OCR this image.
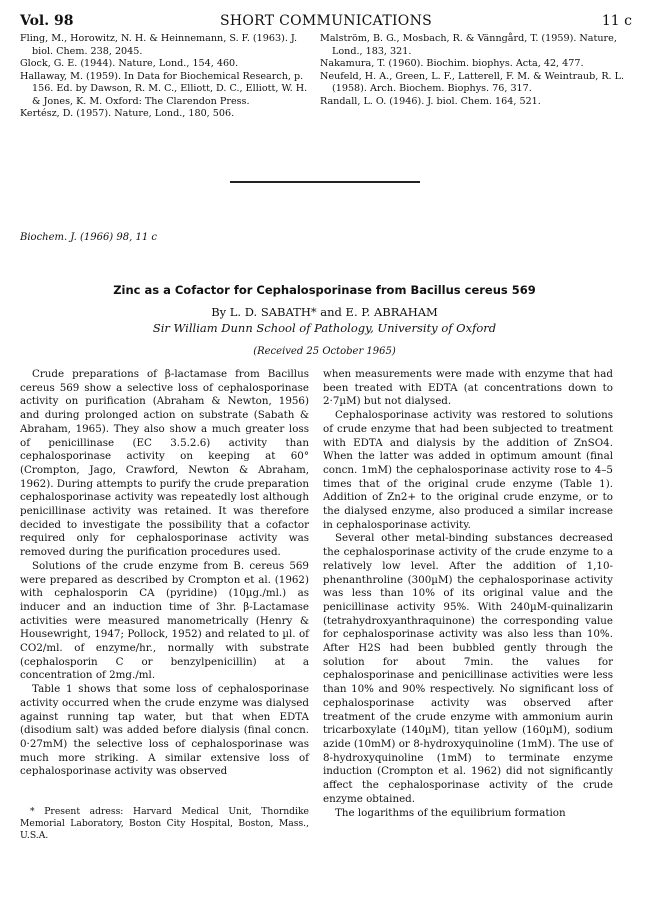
Vol. 98	SHORT COMMUNICATIONS	11 c
Fling, M., Horowitz, N. H. & Heinnemann, S. F. (1963). J. biol. Chem. 238, 2045.
Glock, G. E. (1944). Nature, Lond., 154, 460.
Hallaway, M. (1959). In Data for Biochemical Research, p. 156. Ed. by Dawson, R. M. C., Elliott, D. C., Elliott, W. H. & Jones, K. M. Oxford: The Clarendon Press.
Kertész, D. (1957). Nature, Lond., 180, 506.
Malström, B. G., Mosbach, R. & Vänngård, T. (1959). Nature, Lond., 183, 321.
Nakamura, T. (1960). Biochim. biophys. Acta, 42, 477.
Neufeld, H. A., Green, L. F., Latterell, F. M. & Weintraub, R. L. (1958). Arch. Biochem. Biophys. 76, 317.
Randall, L. O. (1946). J. biol. Chem. 164, 521.
Biochem. J. (1966) 98, 11 c
Zinc as a Cofactor for Cephalosporinase from Bacillus cereus 569
By L. D. SABATH* and E. P. ABRAHAM
Sir William Dunn School of Pathology, University of Oxford
(Received 25 October 1965)

Crude preparations of β-lactamase from Bacillus cereus 569 show a selective loss of cephalosporinase activity on purification (Abraham & Newton, 1956) and during prolonged action on substrate (Sabath & Abraham, 1965). They also show a much greater loss of penicillinase (EC 3.5.2.6) activity than cephalosporinase activity on keeping at 60° (Crompton, Jago, Crawford, Newton & Abraham, 1962). During attempts to purify the crude preparation cephalosporinase activity was repeatedly lost although penicillinase activity was retained. It was therefore decided to investigate the possibility that a cofactor required only for cephalosporinase activity was removed during the purification procedures used.

Solutions of the crude enzyme from B. cereus 569 were prepared as described by Crompton et al. (1962) with cephalosporin CA (pyridine) (10µg./ml.) as inducer and an induction time of 3hr. β-Lactamase activities were measured manometrically (Henry & Housewright, 1947; Pollock, 1952) and related to µl. of CO2/ml. of enzyme/hr., normally with substrate (cephalosporin C or benzylpenicillin) at a concentration of 2mg./ml.

Table 1 shows that some loss of cephalosporinase activity occurred when the crude enzyme was dialysed against running tap water, but that when EDTA (disodium salt) was added before dialysis (final concn. 0·27mM) the selective loss of cephalosporinase was much more striking. A similar extensive loss of cephalosporinase activity was observed

* Present adress: Harvard Medical Unit, Thorndike Memorial Laboratory, Boston City Hospital, Boston, Mass., U.S.A.

when measurements were made with enzyme that had been treated with EDTA (at concentrations down to 2·7µM) but not dialysed.

Cephalosporinase activity was restored to solutions of crude enzyme that had been subjected to treatment with EDTA and dialysis by the addition of ZnSO4. When the latter was added in optimum amount (final concn. 1mM) the cephalosporinase activity rose to 4–5 times that of the original crude enzyme (Table 1). Addition of Zn2+ to the original crude enzyme, or to the dialysed enzyme, also produced a similar increase in cephalosporinase activity.

Several other metal-binding substances decreased the cephalosporinase activity of the crude enzyme to a relatively low level. After the addition of 1,10-phenanthroline (300µM) the cephalosporinase activity was less than 10% of its original value and the penicillinase activity 95%. With 240µM-quinalizarin (tetrahydroxyanthraquinone) the corresponding value for cephalosporinase activity was also less than 10%. After H2S had been bubbled gently through the solution for about 7min. the values for cephalosporinase and penicillinase activities were less than 10% and 90% respectively. No significant loss of cephalosporinase activity was observed after treatment of the crude enzyme with ammonium aurin tricarboxylate (140µM), titan yellow (160µM), sodium azide (10mM) or 8-hydroxyquinoline (1mM). The use of 8-hydroxyquinoline (1mM) to terminate enzyme induction (Crompton et al. 1962) did not significantly affect the cephalosporinase activity of the crude enzyme obtained.

The logarithms of the equilibrium formation
